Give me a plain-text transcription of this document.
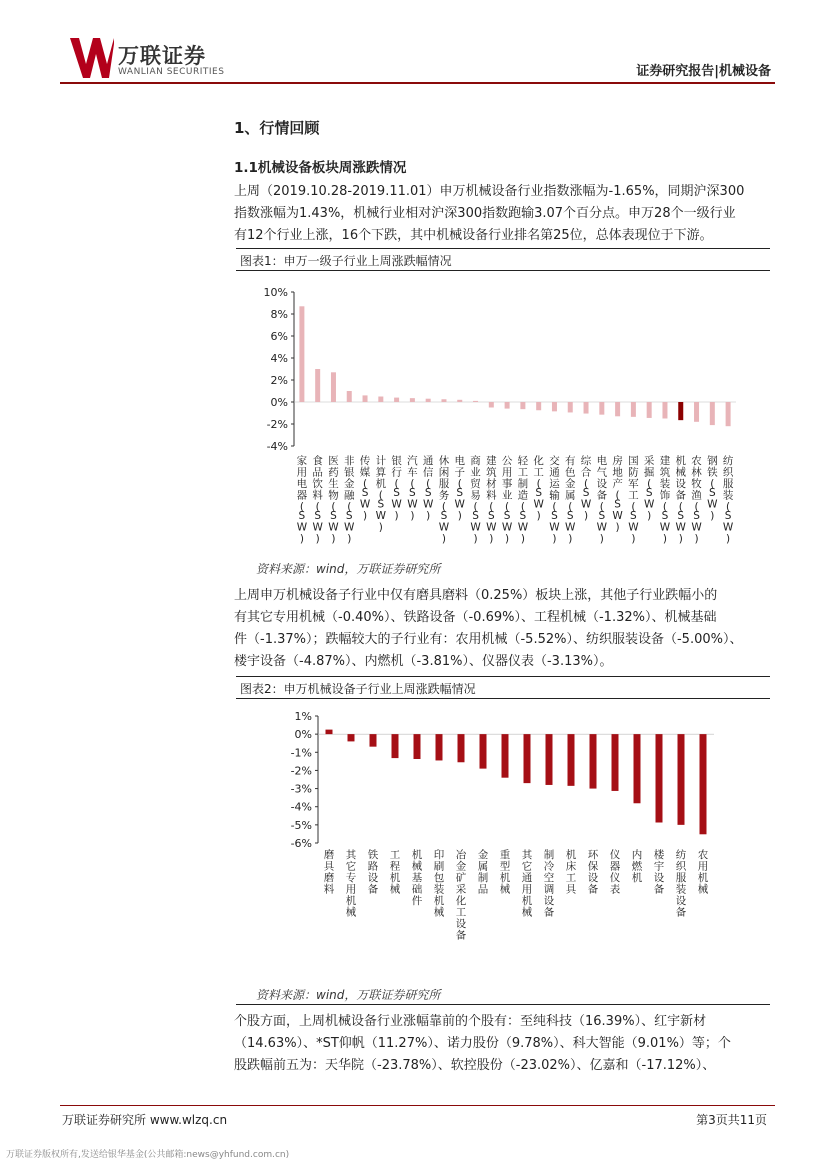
万联证券
WANLIAN SECURITIES	证券研究报告|机械设备
1、行情回顾
1.1机械设备板块周涨跌情况
上周（2019.10.28-2019.11.01）申万机械设备行业指数涨幅为-1.65%，同期沪深300
指数涨幅为1.43%，机械行业相对沪深300指数跑输3.07个百分点。申万28个一级行业
有12个行业上涨，16个下跌，其中机械设备行业排名第25位，总体表现位于下游。
图表1：申万一级子行业上周涨跌幅情况
10%
8%
6%
4%
2%
0%
-2%
-4%
家用电器( S W )
食品饮料( S W )
医药生物( S W )
非银金融( S W )
传媒( S W )
计算机( S W )
银行( S W )
汽车( S W )
通信( S W )
休闲服务( S W )
电子( S W )
商业贸易( S W )
建筑材料( S W )
公用事业( S W )
轻工制造( S W )
化工( S W )
交通运输( S W )
有色金属( S W )
综合( S W )
电气设备( S W )
房地产( S W )
国防军工( S W )
采掘( S W )
建筑装饰( S W )
机械设备( S W )
农林牧渔( S W )
钢铁( S W )
纺织服装( S W )
资料来源：wind，万联证券研究所
上周申万机械设备子行业中仅有磨具磨料（0.25%）板块上涨，其他子行业跌幅小的
有其它专用机械（-0.40%）、铁路设备（-0.69%）、工程机械（-1.32%）、机械基础
件（-1.37%）；跌幅较大的子行业有：农用机械（-5.52%）、纺织服装设备（-5.00%）、
楼宇设备（-4.87%）、内燃机（-3.81%）、仪器仪表（-3.13%）。
图表2：申万机械设备子行业上周涨跌幅情况
1%
0%
-1%
-2%
-3%
-4%
-5%
-6%
磨具磨料
其它专用机械
铁路设备
工程机械
机械基础件
印刷包装机械
冶金矿采化工设备
金属制品
重型机械
其它通用机械
制冷空调设备
机床工具
环保设备
仪器仪表
内燃机
楼宇设备
纺织服装设备
农用机械
资料来源：wind，万联证券研究所
个股方面，上周机械设备行业涨幅靠前的个股有：至纯科技（16.39%）、红宇新材
（14.63%）、*ST仰帆（11.27%）、诺力股份（9.78%）、科大智能（9.01%）等；个
股跌幅前五为：天华院（-23.78%）、软控股份（-23.02%）、亿嘉和（-17.12%）、
万联证券研究所 www.wlzq.cn	第3页共11页
万联证券版权所有,发送给银华基金(公共邮箱:news@yhfund.com.cn)
